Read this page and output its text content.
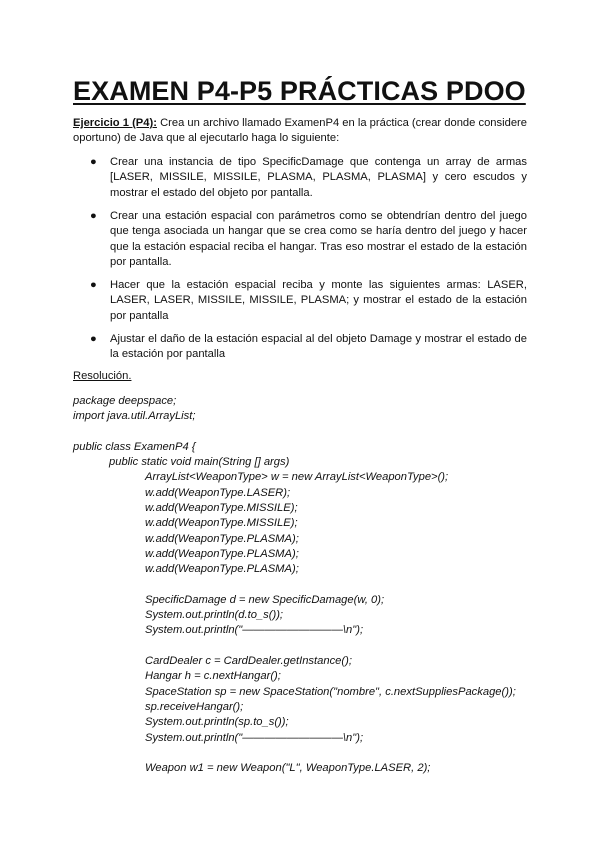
EXAMEN P4-P5 PRÁCTICAS PDOO
Ejercicio 1 (P4): Crea un archivo llamado ExamenP4 en la práctica (crear donde considere oportuno) de Java que al ejecutarlo haga lo siguiente:
● Crear una instancia de tipo SpecificDamage que contenga un array de armas [LASER, MISSILE, MISSILE, PLASMA, PLASMA, PLASMA] y cero escudos y mostrar el estado del objeto por pantalla.
● Crear una estación espacial con parámetros como se obtendrían dentro del juego que tenga asociada un hangar que se crea como se haría dentro del juego y hacer que la estación espacial reciba el hangar. Tras eso mostrar el estado de la estación por pantalla.
● Hacer que la estación espacial reciba y monte las siguientes armas: LASER, LASER, LASER, MISSILE, MISSILE, PLASMA; y mostrar el estado de la estación por pantalla
● Ajustar el daño de la estación espacial al del objeto Damage y mostrar el estado de la estación por pantalla
Resolución.
package deepspace;
import java.util.ArrayList;
public class ExamenP4 {
public static void main(String [] args)
ArrayList<WeaponType> w = new ArrayList<WeaponType>();
w.add(WeaponType.LASER);
w.add(WeaponType.MISSILE);
w.add(WeaponType.MISSILE);
w.add(WeaponType.PLASMA);
w.add(WeaponType.PLASMA);
w.add(WeaponType.PLASMA);
SpecificDamage d = new SpecificDamage(w, 0);
System.out.println(d.to_s());
System.out.println("—————————\n");
CardDealer c = CardDealer.getInstance();
Hangar h = c.nextHangar();
SpaceStation sp = new SpaceStation("nombre", c.nextSuppliesPackage());
sp.receiveHangar();
System.out.println(sp.to_s());
System.out.println("—————————\n");
Weapon w1 = new Weapon("L", WeaponType.LASER, 2);
